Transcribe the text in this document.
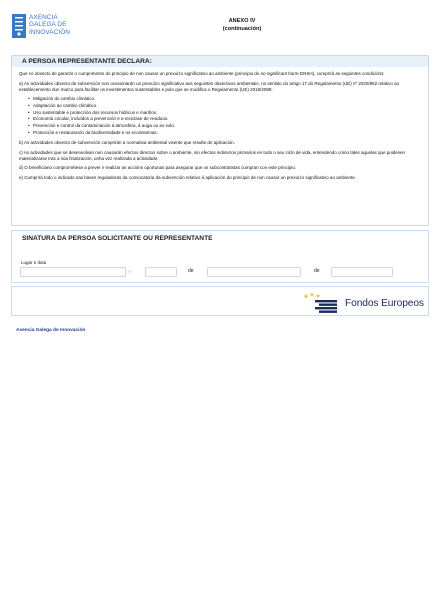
AXENCIA
GALEGA DE
INNOVACIÓN
ANEXO IV
(continuación)
A PERSOA REPRESENTANTE DECLARA:

Que co obxecto de garantir o cumprimento do principio de non causar un prexuízo significativo ao ambiente (principio do no significant harm-DNSH), cumprirá as seguintes condicións:

a) As actividades obxecto de subvención non ocasionarán un prexuízo significativo aos seguintes obxectivos ambientais, no sentido do artigo 17 do Regulamento (UE) nº 2020/852 relativo ao establecemento dun marco para facilitar os investimentos sustentables e polo que se modifica o Regulamento (UE) 2019/2088:

• Mitigación do cambio climático.
• Adaptación ao cambio climático.
• Uso sustentable e protección dos recursos hídricos e mariños.
• Economía circular, incluídos a prevención e a reciclaxe de residuos.
• Prevención e control da contaminación á atmosfera, á auga ou ao solo.
• Protección e restauración da biodiversidade e os ecosistemas.

b) As actividades obxecto de subvención cumprirán a normativa ambiental vixente que resulte de aplicación.

c) As actividades que se desenvolvan non causarán efectos directos sobre o ambiente, nin efectos indirectos primarios en todo o seu ciclo de vida, entendendo como tales aquelas que poidesen materializarse tras a súa finalización, unha vez realizada a actividade.

d) O beneficiario comprométese a prever e realizar as accións oportunas para asegurar que os subcontratistas cumpran con este principio.

e) Cumprirá todo o indicado nas bases reguladoras da convocatoria da subvención relativo á aplicación do principio de non causar un prexuízo significativo ao ambiente.

SINATURA DA PERSOA SOLICITANTE OU REPRESENTANTE
Lugar e data
,	de	de
Fondos Europeos
Axencia Galega de Innovación
